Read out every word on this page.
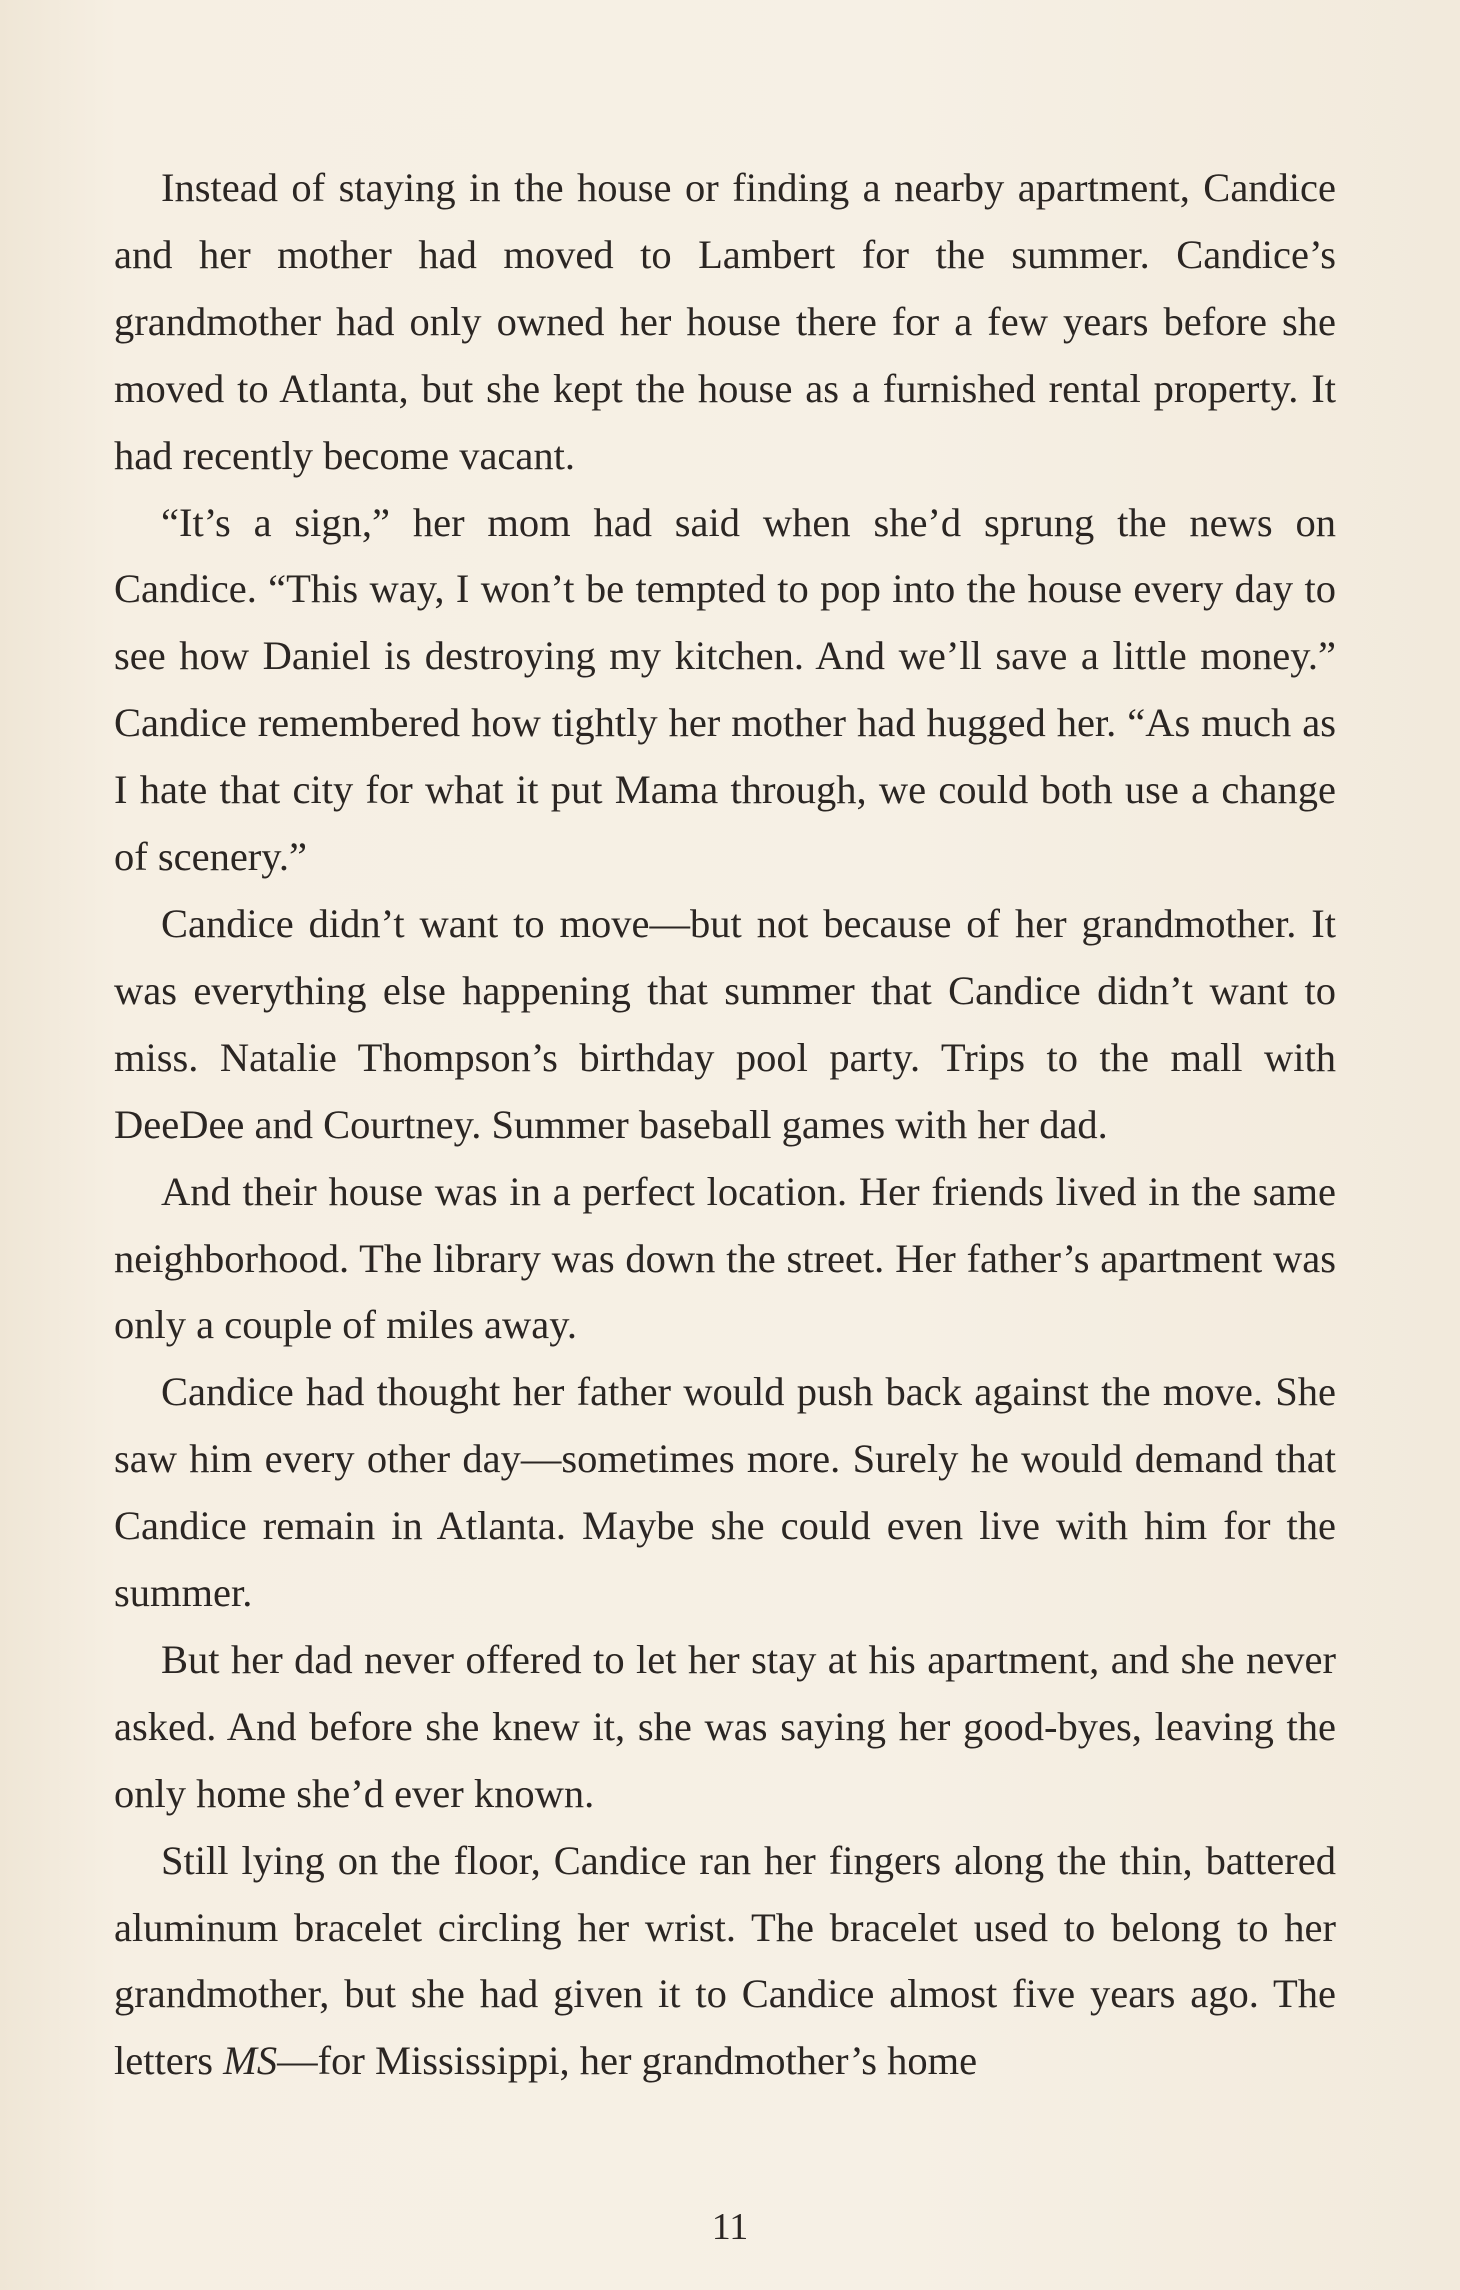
Instead of staying in the house or finding a nearby apartment, Candice and her mother had moved to Lambert for the summer. Candice’s grandmother had only owned her house there for a few years before she moved to Atlanta, but she kept the house as a furnished rental property. It had recently become vacant.

“It’s a sign,” her mom had said when she’d sprung the news on Candice. “This way, I won’t be tempted to pop into the house every day to see how Daniel is destroying my kitchen. And we’ll save a little money.” Candice remembered how tightly her mother had hugged her. “As much as I hate that city for what it put Mama through, we could both use a change of scenery.”

Candice didn’t want to move—but not because of her grandmother. It was everything else happening that summer that Candice didn’t want to miss. Natalie Thompson’s birthday pool party. Trips to the mall with DeeDee and Courtney. Summer baseball games with her dad.

And their house was in a perfect location. Her friends lived in the same neighborhood. The library was down the street. Her father’s apartment was only a couple of miles away.

Candice had thought her father would push back against the move. She saw him every other day—sometimes more. Surely he would demand that Candice remain in Atlanta. Maybe she could even live with him for the summer.

But her dad never offered to let her stay at his apartment, and she never asked. And before she knew it, she was saying her good-byes, leaving the only home she’d ever known.

Still lying on the floor, Candice ran her fingers along the thin, battered aluminum bracelet circling her wrist. The bracelet used to belong to her grandmother, but she had given it to Candice almost five years ago. The letters MS—for Mississippi, her grandmother’s home

11
